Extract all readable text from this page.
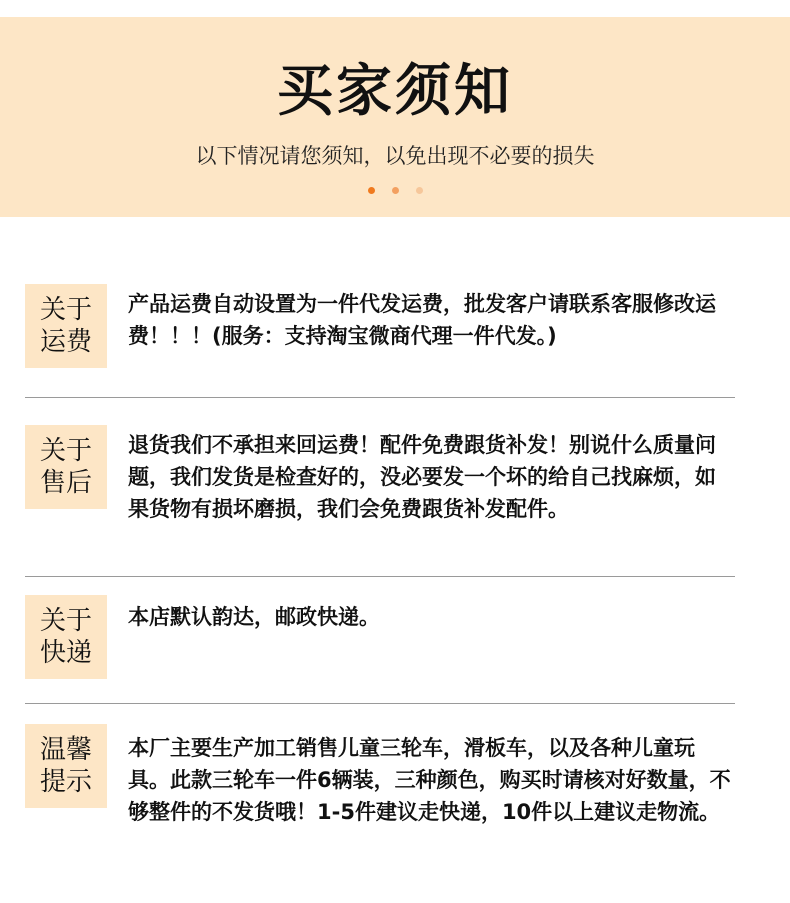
买家须知
以下情况请您须知，以免出现不必要的损失
关于
运费

产品运费自动设置为一件代发运费，批发客户请联系客服修改运费！！！(服务：支持淘宝微商代理一件代发。)

关于
售后

退货我们不承担来回运费！配件免费跟货补发！别说什么质量问题，我们发货是检查好的，没必要发一个坏的给自己找麻烦，如果货物有损坏磨损，我们会免费跟货补发配件。

关于
快递

本店默认韵达，邮政快递。

温馨
提示

本厂主要生产加工销售儿童三轮车，滑板车，以及各种儿童玩具。此款三轮车一件6辆装，三种颜色，购买时请核对好数量，不够整件的不发货哦！1-5件建议走快递，10件以上建议走物流。
